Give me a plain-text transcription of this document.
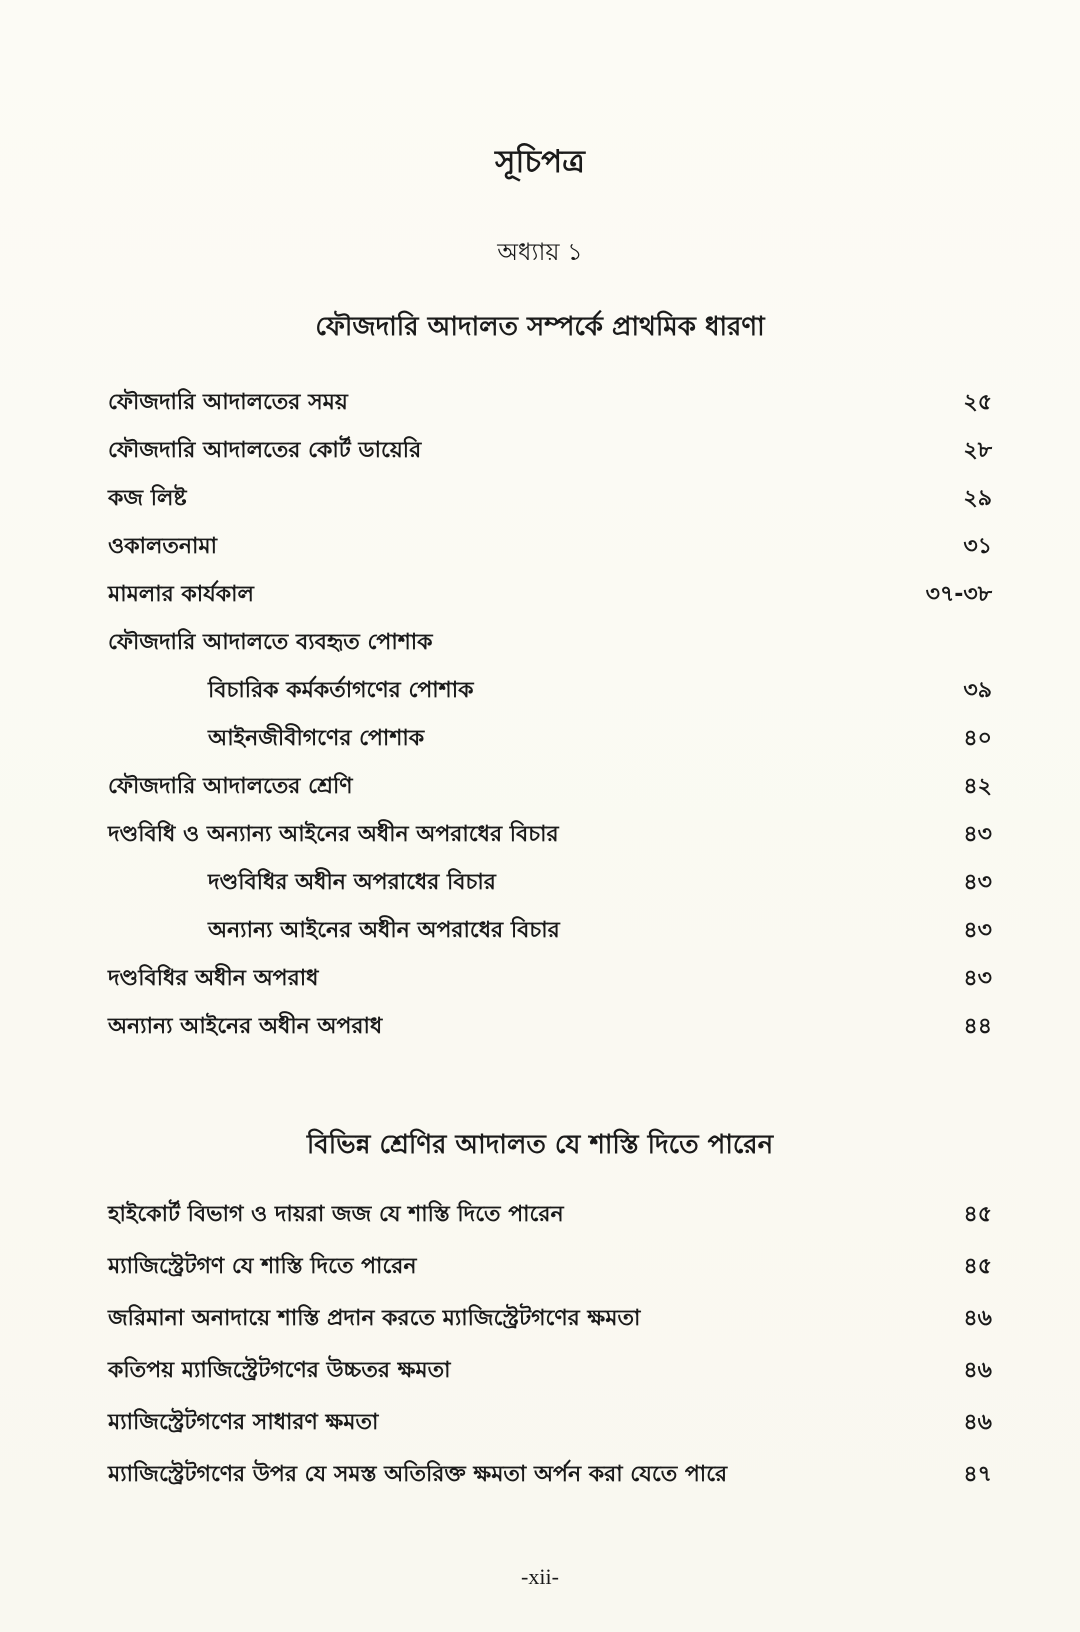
সূচিপত্র
অধ্যায় ১
ফৌজদারি আদালত সম্পর্কে প্রাথমিক ধারণা
ফৌজদারি আদালতের সময়	২৫
ফৌজদারি আদালতের কোর্ট ডায়েরি	২৮
কজ লিষ্ট	২৯
ওকালতনামা	৩১
মামলার কার্যকাল	৩৭-৩৮
ফৌজদারি আদালতে ব্যবহৃত পোশাক
বিচারিক কর্মকর্তাগণের পোশাক	৩৯
আইনজীবীগণের পোশাক	৪০
ফৌজদারি আদালতের শ্রেণি	৪২
দণ্ডবিধি ও অন্যান্য আইনের অধীন অপরাধের বিচার	৪৩
দণ্ডবিধির অধীন অপরাধের বিচার	৪৩
অন্যান্য আইনের অধীন অপরাধের বিচার	৪৩
দণ্ডবিধির অধীন অপরাধ	৪৩
অন্যান্য আইনের অধীন অপরাধ	৪৪
বিভিন্ন শ্রেণির আদালত যে শাস্তি দিতে পারেন
হাইকোর্ট বিভাগ ও দায়রা জজ যে শাস্তি দিতে পারেন	৪৫
ম্যাজিস্ট্রেটগণ যে শাস্তি দিতে পারেন	৪৫
জরিমানা অনাদায়ে শাস্তি প্রদান করতে ম্যাজিস্ট্রেটগণের ক্ষমতা	৪৬
কতিপয় ম্যাজিস্ট্রেটগণের উচ্চতর ক্ষমতা	৪৬
ম্যাজিস্ট্রেটগণের সাধারণ ক্ষমতা	৪৬
ম্যাজিস্ট্রেটগণের উপর যে সমস্ত অতিরিক্ত ক্ষমতা অর্পন করা যেতে পারে	৪৭
-xii-
